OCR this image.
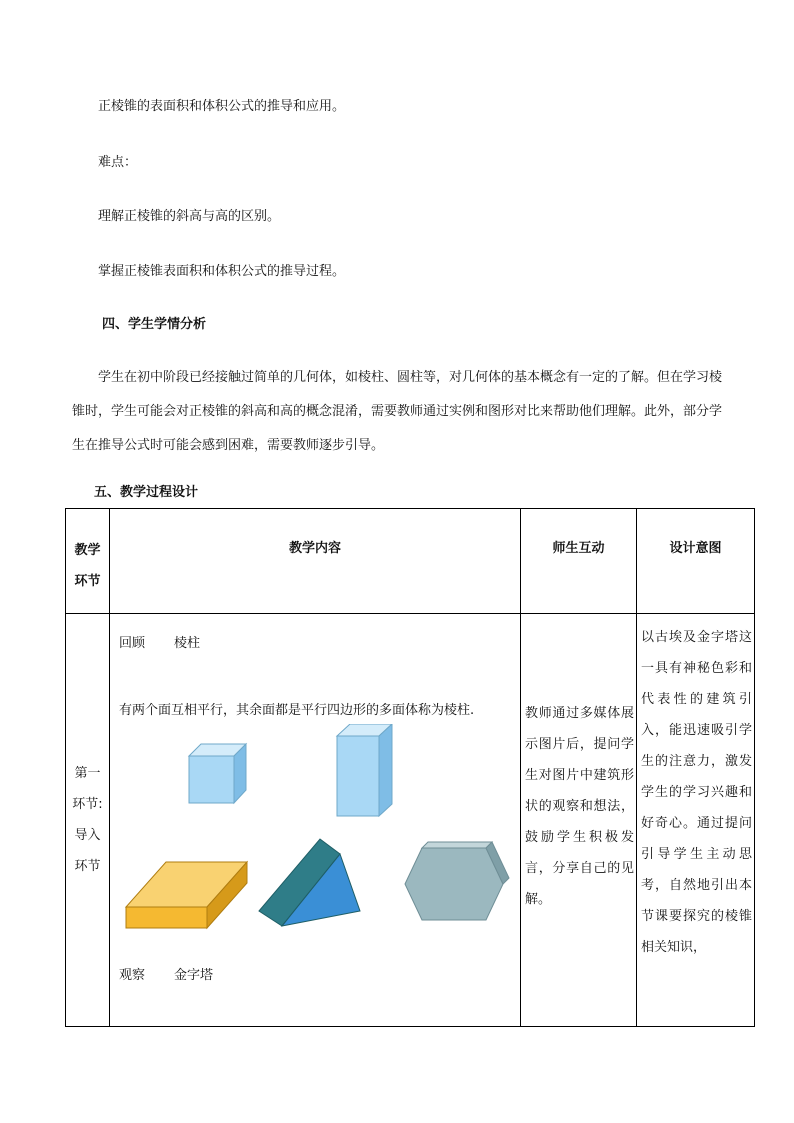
正棱锥的表面积和体积公式的推导和应用。
难点：
理解正棱锥的斜高与高的区别。
掌握正棱锥表面积和体积公式的推导过程。
四、学生学情分析
学生在初中阶段已经接触过简单的几何体，如棱柱、圆柱等，对几何体的基本概念有一定的了解。但在学习棱锥时，学生可能会对正棱锥的斜高和高的概念混淆，需要教师通过实例和图形对比来帮助他们理解。此外，部分学生在推导公式时可能会感到困难，需要教师逐步引导。
五、教学过程设计
教学环节	教学内容	师生互动	设计意图

第一环节:导入环节	回顾 棱柱
有两个面互相平行，其余面都是平行四边形的多面体称为棱柱.
观察 金字塔	教师通过多媒体展示图片后，提问学生对图片中建筑形状的观察和想法，鼓励学生积极发言，分享自己的见解。	以古埃及金字塔这一具有神秘色彩和代表性的建筑引入，能迅速吸引学生的注意力，激发学生的学习兴趣和好奇心。通过提问引导学生主动思考，自然地引出本节课要探究的棱锥相关知识，
